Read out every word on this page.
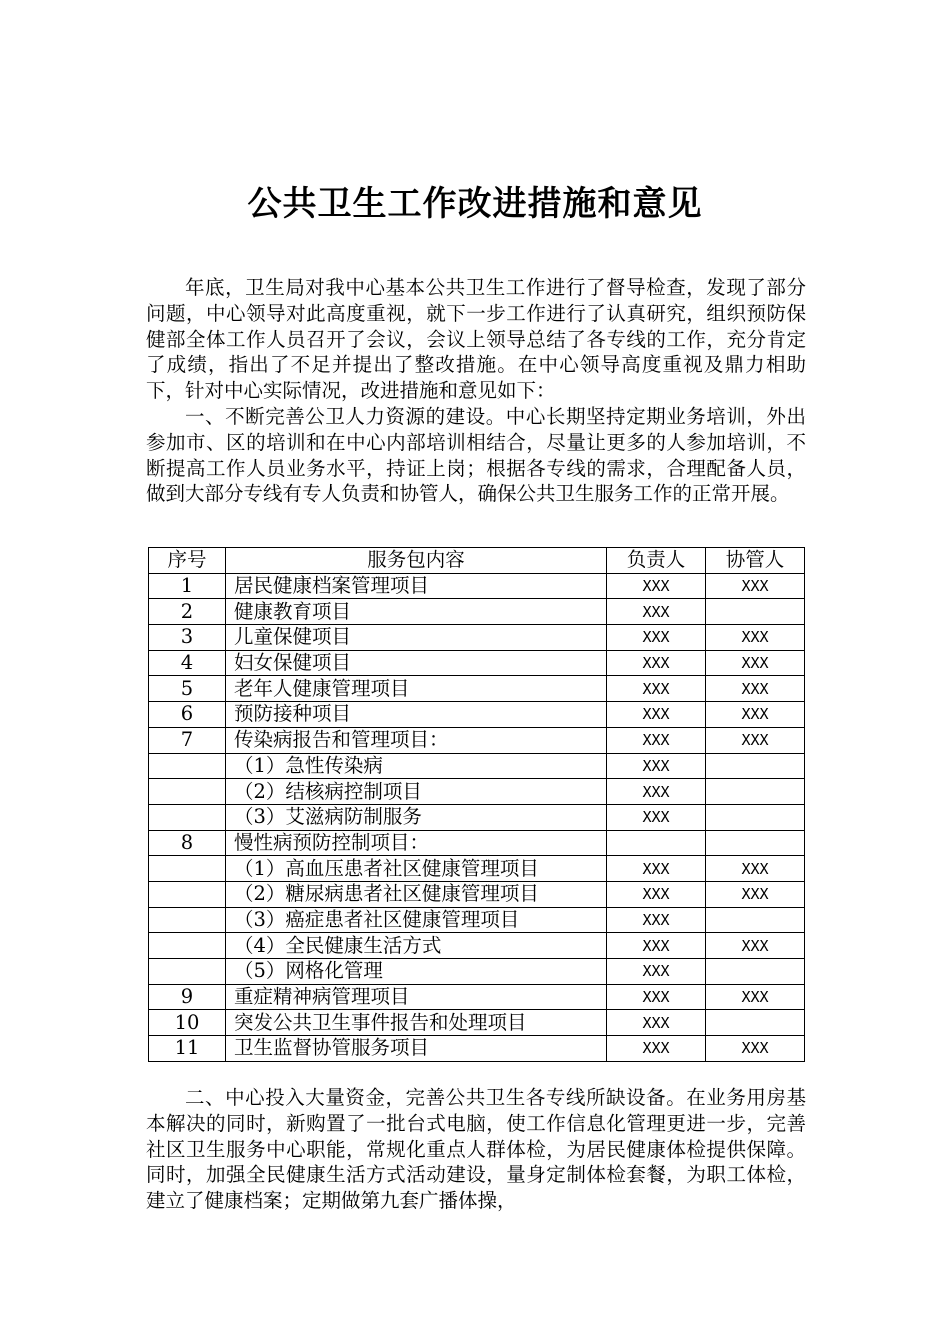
公共卫生工作改进措施和意见

年底，卫生局对我中心基本公共卫生工作进行了督导检查，发现了部分问题，中心领导对此高度重视，就下一步工作进行了认真研究，组织预防保健部全体工作人员召开了会议，会议上领导总结了各专线的工作，充分肯定了成绩，指出了不足并提出了整改措施。在中心领导高度重视及鼎力相助下，针对中心实际情况，改进措施和意见如下：

一、不断完善公卫人力资源的建设。中心长期坚持定期业务培训，外出参加市、区的培训和在中心内部培训相结合，尽量让更多的人参加培训，不断提高工作人员业务水平，持证上岗；根据各专线的需求，合理配备人员，做到大部分专线有专人负责和协管人，确保公共卫生服务工作的正常开展。

序号	服务包内容	负责人	协管人
1	居民健康档案管理项目	XXX	XXX
2	健康教育项目	XXX	
3	儿童保健项目	XXX	XXX
4	妇女保健项目	XXX	XXX
5	老年人健康管理项目	XXX	XXX
6	预防接种项目	XXX	XXX
7	传染病报告和管理项目：	XXX	XXX
	（1）急性传染病	XXX	
	（2）结核病控制项目	XXX	
	（3）艾滋病防制服务	XXX	
8	慢性病预防控制项目：		
	（1）高血压患者社区健康管理项目	XXX	XXX
	（2）糖尿病患者社区健康管理项目	XXX	XXX
	（3）癌症患者社区健康管理项目	XXX	
	（4）全民健康生活方式	XXX	XXX
	（5）网格化管理	XXX	
9	重症精神病管理项目	XXX	XXX
10	突发公共卫生事件报告和处理项目	XXX	
11	卫生监督协管服务项目	XXX	XXX

二、中心投入大量资金，完善公共卫生各专线所缺设备。在业务用房基本解决的同时，新购置了一批台式电脑，使工作信息化管理更进一步，完善社区卫生服务中心职能，常规化重点人群体检，为居民健康体检提供保障。同时，加强全民健康生活方式活动建设，量身定制体检套餐，为职工体检，建立了健康档案；定期做第九套广播体操，
